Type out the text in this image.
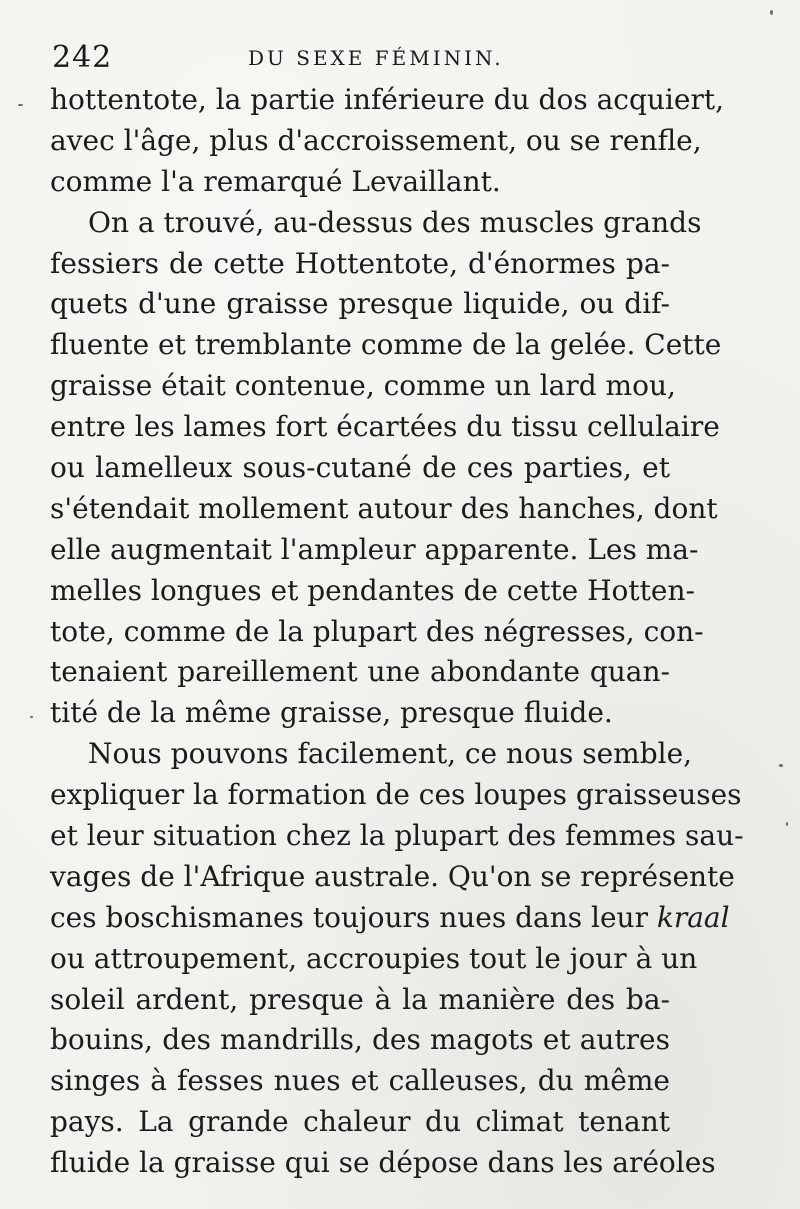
242	DU SEXE FÉMININ.
hottentote, la partie inférieure du dos acquiert,
avec l'âge, plus d'accroissement, ou se renfle,
comme l'a remarqué Levaillant.
On a trouvé, au-dessus des muscles grands
fessiers de cette Hottentote, d'énormes pa-
quets d'une graisse presque liquide, ou dif-
fluente et tremblante comme de la gelée. Cette
graisse était contenue, comme un lard mou,
entre les lames fort écartées du tissu cellulaire
ou lamelleux sous-cutané de ces parties, et
s'étendait mollement autour des hanches, dont
elle augmentait l'ampleur apparente. Les ma-
melles longues et pendantes de cette Hotten-
tote, comme de la plupart des négresses, con-
tenaient pareillement une abondante quan-
tité de la même graisse, presque fluide.
Nous pouvons facilement, ce nous semble,
expliquer la formation de ces loupes graisseuses
et leur situation chez la plupart des femmes sau-
vages de l'Afrique australe. Qu'on se représente
ces boschismanes toujours nues dans leur kraal
ou attroupement, accroupies tout le jour à un
soleil ardent, presque à la manière des ba-
bouins, des mandrills, des magots et autres
singes à fesses nues et calleuses, du même
pays. La grande chaleur du climat tenant
fluide la graisse qui se dépose dans les aréoles
